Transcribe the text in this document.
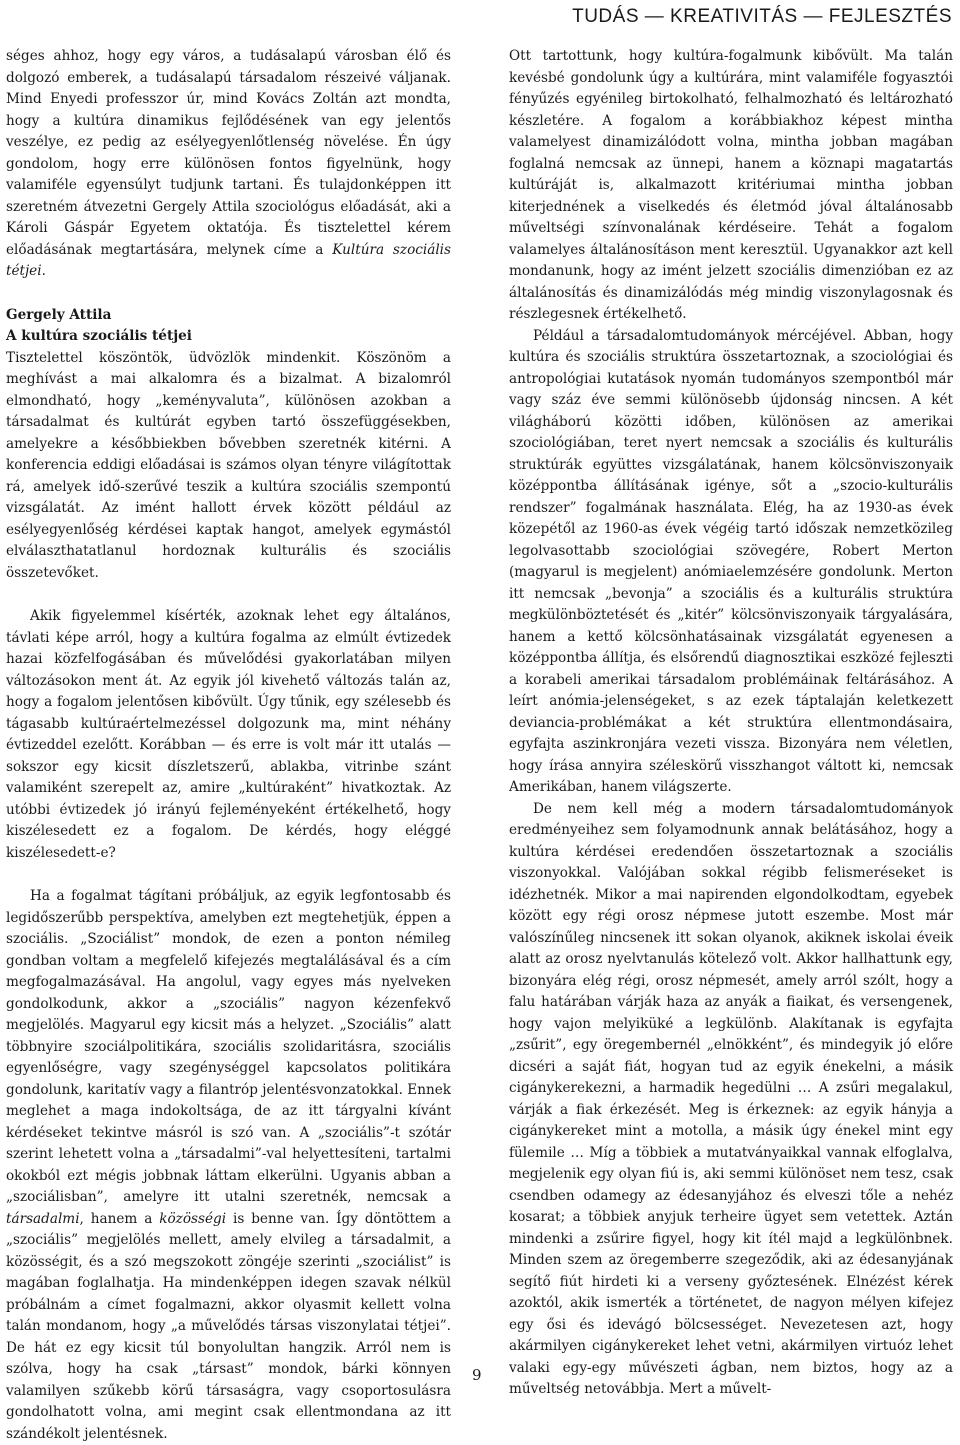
TUDÁS — KREATIVITÁS — FEJLESZTÉS

séges ahhoz, hogy egy város, a tudásalapú városban élő és dolgozó emberek, a tudásalapú társadalom részeivé váljanak. Mind Enyedi professzor úr, mind Kovács Zoltán azt mondta, hogy a kultúra dinamikus fejlődésének van egy jelentős veszélye, ez pedig az esélyegyenlőtlenség növelése. Én úgy gondolom, hogy erre különösen fontos figyelnünk, hogy valamiféle egyensúlyt tudjunk tartani. És tulajdonképpen itt szeretném átvezetni Gergely Attila szociológus előadását, aki a Károli Gáspár Egyetem oktatója. És tisztelettel kérem előadásának megtartására, melynek címe a Kultúra szociális tétjei.

Gergely Attila

A kultúra szociális tétjei

Tisztelettel köszöntök, üdvözlök mindenkit. Köszönöm a meghívást a mai alkalomra és a bizalmat. A bizalomról elmondható, hogy „keményvaluta”, különösen azokban a társadalmat és kultúrát egyben tartó összefüggésekben, amelyekre a későbbiekben bővebben szeretnék kitérni. A konferencia eddigi előadásai is számos olyan tényre világítottak rá, amelyek idő-szerűvé teszik a kultúra szociális szempontú vizsgálatát. Az imént hallott érvek között például az esélyegyenlőség kérdései kaptak hangot, amelyek egymástól elválaszthatatlanul hordoznak kulturális és szociális összetevőket.

Akik figyelemmel kísérték, azoknak lehet egy általános, távlati képe arról, hogy a kultúra fogalma az elmúlt évtizedek hazai közfelfogásában és művelődési gyakorlatában milyen változásokon ment át. Az egyik jól kivehető változás talán az, hogy a fogalom jelentősen kibővült. Úgy tűnik, egy szélesebb és tágasabb kultúraértelmezéssel dolgozunk ma, mint néhány évtizeddel ezelőtt. Korábban — és erre is volt már itt utalás — sokszor egy kicsit díszletszerű, ablakba, vitrinbe szánt valamiként szerepelt az, amire „kultúraként” hivatkoztak. Az utóbbi évtizedek jó irányú fejleményeként értékelhető, hogy kiszélesedett ez a fogalom. De kérdés, hogy eléggé kiszélesedett-e?

Ha a fogalmat tágítani próbáljuk, az egyik legfontosabb és legidőszerűbb perspektíva, amelyben ezt megtehetjük, éppen a szociális. „Szociálist” mondok, de ezen a ponton némileg gondban voltam a megfelelő kifejezés megtalálásával és a cím megfogalmazásával. Ha angolul, vagy egyes más nyelveken gondolkodunk, akkor a „szociális” nagyon kézenfekvő megjelölés. Magyarul egy kicsit más a helyzet. „Szociális” alatt többnyire szociálpolitikára, szociális szolidaritásra, szociális egyenlőségre, vagy szegénységgel kapcsolatos politikára gondolunk, karitatív vagy a filantróp jelentésvonzatokkal. Ennek meglehet a maga indokoltsága, de az itt tárgyalni kívánt kérdéseket tekintve másról is szó van. A „szociális”-t szótár szerint lehetett volna a „társadalmi”-val helyettesíteni, tartalmi okokból ezt mégis jobbnak láttam elkerülni. Ugyanis abban a „szociálisban”, amelyre itt utalni szeretnék, nemcsak a társadalmi, hanem a közösségi is benne van. Így döntöttem a „szociális” megjelölés mellett, amely elvileg a társadalmit, a közösségit, és a szó megszokott zöngéje szerinti „szociálist” is magában foglalhatja. Ha mindenképpen idegen szavak nélkül próbálnám a címet fogalmazni, akkor olyasmit kellett volna talán mondanom, hogy „a művelődés társas viszonylatai tétjei”. De hát ez egy kicsit túl bonyolultan hangzik. Arról nem is szólva, hogy ha csak „társast” mondok, bárki könnyen valamilyen szűkebb körű társaságra, vagy csoportosulásra gondolhatott volna, ami megint csak ellentmondana az itt szándékolt jelentésnek.

Ott tartottunk, hogy kultúra-fogalmunk kibővült. Ma talán kevésbé gondolunk úgy a kultúrára, mint valamiféle fogyasztói fényűzés egyénileg birtokolható, felhalmozható és leltározható készletére. A fogalom a korábbiakhoz képest mintha valamelyest dinamizálódott volna, mintha jobban magában foglalná nemcsak az ünnepi, hanem a köznapi magatartás kultúráját is, alkalmazott kritériumai mintha jobban kiterjednének a viselkedés és életmód jóval általánosabb műveltségi színvonalának kérdéseire. Tehát a fogalom valamelyes általánosításon ment keresztül. Ugyanakkor azt kell mondanunk, hogy az imént jelzett szociális dimenzióban ez az általánosítás és dinamizálódás még mindig viszonylagosnak és részlegesnek értékelhető.

Például a társadalomtudományok mércéjével. Abban, hogy kultúra és szociális struktúra összetartoznak, a szociológiai és antropológiai kutatások nyomán tudományos szempontból már vagy száz éve semmi különösebb újdonság nincsen. A két világháború közötti időben, különösen az amerikai szociológiában, teret nyert nemcsak a szociális és kulturális struktúrák együttes vizsgálatának, hanem kölcsönviszonyaik középpontba állításának igénye, sőt a „szocio-kulturális rendszer” fogalmának használata. Elég, ha az 1930-as évek közepétől az 1960-as évek végéig tartó időszak nemzetközileg legolvasottabb szociológiai szövegére, Robert Merton (magyarul is megjelent) anómiaelemzésére gondolunk. Merton itt nemcsak „bevonja” a szociális és a kulturális struktúra megkülönböztetését és „kitér” kölcsönviszonyaik tárgyalására, hanem a kettő kölcsönhatásainak vizsgálatát egyenesen a középpontba állítja, és elsőrendű diagnosztikai eszközé fejleszti a korabeli amerikai társadalom problémáinak feltárásához. A leírt anómia-jelenségeket, s az ezek táptalaján keletkezett devianciа-problémákat a két struktúra ellentmondásaira, egyfajta aszinkronjára vezeti vissza. Bizonyára nem véletlen, hogy írása annyira széleskörű visszhangot váltott ki, nemcsak Amerikában, hanem világszerte.

De nem kell még a modern társadalomtudományok eredményeihez sem folyamodnunk annak belátásához, hogy a kultúra kérdései eredendően összetartoznak a szociális viszonyokkal. Valójában sokkal régibb felismeréseket is idézhetnék. Mikor a mai napirenden elgondolkodtam, egyebek között egy régi orosz népmese jutott eszembe. Most már valószínűleg nincsenek itt sokan olyanok, akiknek iskolai éveik alatt az orosz nyelvtanulás kötelező volt. Akkor hallhattunk egy, bizonyára elég régi, orosz népmesét, amely arról szólt, hogy a falu határában várják haza az anyák a fiaikat, és versengenek, hogy vajon melyiküké a legkülönb. Alakítanak is egyfajta „zsűrit”, egy öregembernél „elnökként”, és mindegyik jó előre dicséri a saját fiát, hogyan tud az egyik énekelni, a másik cigánykerekezni, a harmadik hegedülni … A zsűri megalakul, várják a fiak érkezését. Meg is érkeznek: az egyik hányja a cigánykereket mint a motolla, a másik úgy énekel mint egy fülemile … Míg a többiek a mutatványaikkal vannak elfoglalva, megjelenik egy olyan fiú is, aki semmi különöset nem tesz, csak csendben odamegy az édesanyjához és elveszi tőle a nehéz kosarat; a többiek anyjuk terheire ügyet sem vetettek. Aztán mindenki a zsűrire figyel, hogy kit ítél majd a legkülönbnek. Minden szem az öregemberre szegeződik, aki az édesanyjának segítő fiút hirdeti ki a verseny győztesének. Elnézést kérek azoktól, akik ismerték a történetet, de nagyon mélyen kifejez egy ősi és idevágó bölcsességet. Nevezetesen azt, hogy akármilyen cigánykereket lehet vetni, akármilyen virtuóz lehet valaki egy-egy művészeti ágban, nem biztos, hogy az a műveltség netovábbja. Mert a művelt-

9
